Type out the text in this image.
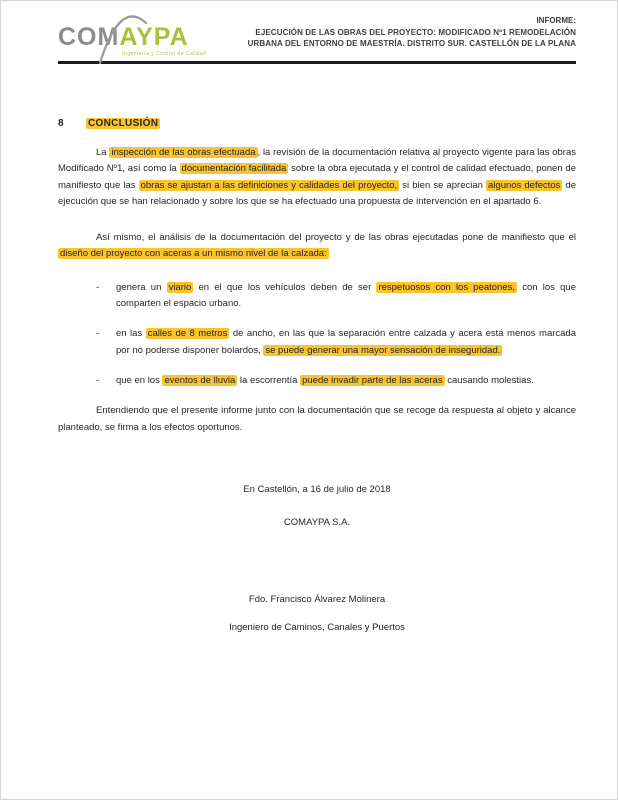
COMAYPA
Ingeniería y Control de Calidad
INFORME:
EJECUCIÓN DE LAS OBRAS DEL PROYECTO: MODIFICADO Nº1 REMODELACIÓN
URBANA DEL ENTORNO DE MAESTRÍA. DISTRITO SUR. CASTELLÓN DE LA PLANA
8	CONCLUSIÓN

La inspección de las obras efectuada , la revisión de la documentación relativa al proyecto vigente para las obras Modificado Nº1, así como la documentación facilitada sobre la obra ejecutada y el control de calidad efectuado, ponen de manifiesto que las obras se ajustan a las definiciones y calidades del proyecto, si bien se aprecian algunos defectos de ejecución que se han relacionado y sobre los que se ha efectuado una propuesta de intervención en el apartado 6.

Así mismo, el análisis de la documentación del proyecto y de las obras ejecutadas pone de manifiesto que el diseño del proyecto con aceras a un mismo nivel de la calzada:

-	genera un viario en el que los vehículos deben de ser respetuosos con los peatones, con los que comparten el espacio urbano.
-	en las calles de 8 metros de ancho, en las que la separación entre calzada y acera está menos marcada por no poderse disponer bolardos, se puede generar una mayor sensación de inseguridad.
-	que en los eventos de lluvia la escorrentía puede invadir parte de las aceras causando molestias.

Entendiendo que el presente informe junto con la documentación que se recoge da respuesta al objeto y alcance planteado, se firma a los efectos oportunos.

En Castellón, a 16 de julio de 2018
COMAYPA S.A.
Fdo. Francisco Álvarez Molinera
Ingeniero de Caminos, Canales y Puertos
